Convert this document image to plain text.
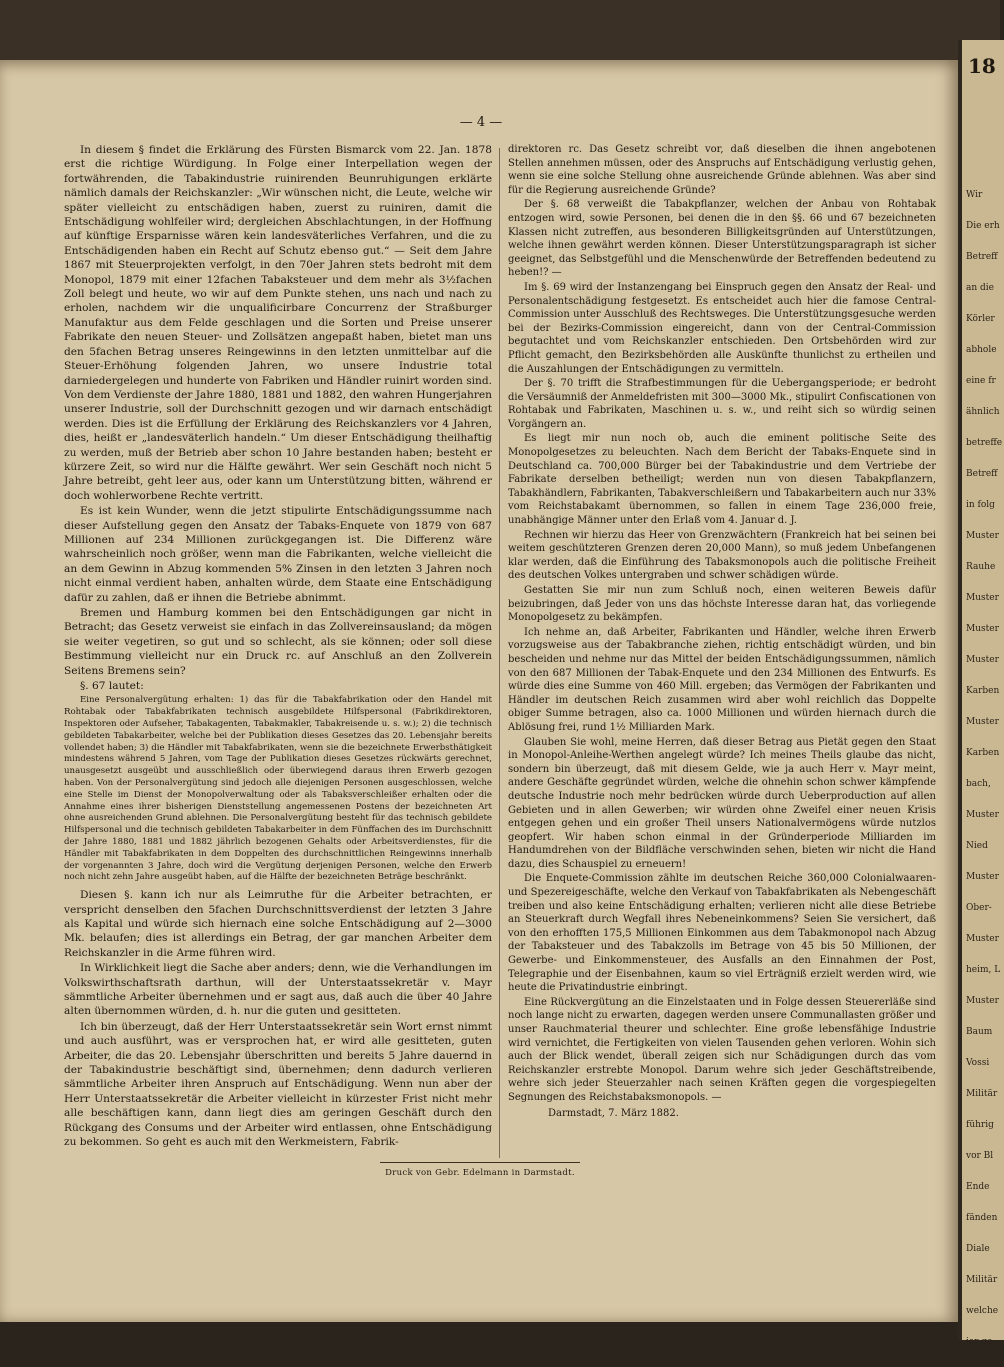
18
Wir
Die erh
Betreff
an die
Körler
abhole
eine fr
ähnlich
betreffe
Betreff
in folg
Muster
Rauhe
Muster
Muster
Muster
Karben
Muster
Karben
bach,
Muster
Nied
Muster
Ober-
Muster
heim, L
Muster
Baum
Vossi
Militär
führig
vor Bl
Ende
fänden
Diale
Militär
welche
jer ge
— 4 —

In diesem § findet die Erklärung des Fürsten Bismarck vom 22. Jan. 1878 erst die richtige Würdigung. In Folge einer Interpellation wegen der fortwährenden, die Tabakindustrie ruinirenden Beunruhigungen erklärte nämlich damals der Reichskanzler: „Wir wünschen nicht, die Leute, welche wir später vielleicht zu entschädigen haben, zuerst zu ruiniren, damit die Entschädigung wohlfeiler wird; dergleichen Abschlachtungen, in der Hoffnung auf künftige Ersparnisse wären kein landesväterliches Verfahren, und die zu Entschädigenden haben ein Recht auf Schutz ebenso gut.“ — Seit dem Jahre 1867 mit Steuerprojekten verfolgt, in den 70er Jahren stets bedroht mit dem Monopol, 1879 mit einer 12fachen Tabaksteuer und dem mehr als 3½fachen Zoll belegt und heute, wo wir auf dem Punkte stehen, uns nach und nach zu erholen, nachdem wir die unqualificirbare Concurrenz der Straßburger Manufaktur aus dem Felde geschlagen und die Sorten und Preise unserer Fabrikate den neuen Steuer- und Zollsätzen angepaßt haben, bietet man uns den 5fachen Betrag unseres Reingewinns in den letzten unmittelbar auf die Steuer-Erhöhung folgenden Jahren, wo unsere Industrie total darniedergelegen und hunderte von Fabriken und Händler ruinirt worden sind. Von dem Verdienste der Jahre 1880, 1881 und 1882, den wahren Hungerjahren unserer Industrie, soll der Durchschnitt gezogen und wir darnach entschädigt werden. Dies ist die Erfüllung der Erklärung des Reichskanzlers vor 4 Jahren, dies, heißt er „landesväterlich handeln.“ Um dieser Entschädigung theilhaftig zu werden, muß der Betrieb aber schon 10 Jahre bestanden haben; besteht er kürzere Zeit, so wird nur die Hälfte gewährt. Wer sein Geschäft noch nicht 5 Jahre betreibt, geht leer aus, oder kann um Unterstützung bitten, während er doch wohlerworbene Rechte vertritt.

Es ist kein Wunder, wenn die jetzt stipulirte Entschädigungssumme nach dieser Aufstellung gegen den Ansatz der Tabaks-Enquete von 1879 von 687 Millionen auf 234 Millionen zurückgegangen ist. Die Differenz wäre wahrscheinlich noch größer, wenn man die Fabrikanten, welche vielleicht die an dem Gewinn in Abzug kommenden 5% Zinsen in den letzten 3 Jahren noch nicht einmal verdient haben, anhalten würde, dem Staate eine Entschädigung dafür zu zahlen, daß er ihnen die Betriebe abnimmt.

Bremen und Hamburg kommen bei den Entschädigungen gar nicht in Betracht; das Gesetz verweist sie einfach in das Zollvereinsausland; da mögen sie weiter vegetiren, so gut und so schlecht, als sie können; oder soll diese Bestimmung vielleicht nur ein Druck rc. auf Anschluß an den Zollverein Seitens Bremens sein?

§. 67 lautet:

Eine Personalvergütung erhalten: 1) das für die Tabakfabrikation oder den Handel mit Rohtabak oder Tabakfabrikaten technisch ausgebildete Hilfspersonal (Fabrikdirektoren, Inspektoren oder Aufseher, Tabakagenten, Tabakmakler, Tabakreisende u. s. w.); 2) die technisch gebildeten Tabakarbeiter, welche bei der Publikation dieses Gesetzes das 20. Lebensjahr bereits vollendet haben; 3) die Händler mit Tabakfabrikaten, wenn sie die bezeichnete Erwerbsthätigkeit mindestens während 5 Jahren, vom Tage der Publikation dieses Gesetzes rückwärts gerechnet, unausgesetzt ausgeübt und ausschließlich oder überwiegend daraus ihren Erwerb gezogen haben. Von der Personalvergütung sind jedoch alle diejenigen Personen ausgeschlossen, welche eine Stelle im Dienst der Monopolverwaltung oder als Tabaksverschleißer erhalten oder die Annahme eines ihrer bisherigen Dienststellung angemessenen Postens der bezeichneten Art ohne ausreichenden Grund ablehnen. Die Personalvergütung besteht für das technisch gebildete Hilfspersonal und die technisch gebildeten Tabakarbeiter in dem Fünffachen des im Durchschnitt der Jahre 1880, 1881 und 1882 jährlich bezogenen Gehalts oder Arbeitsverdienstes, für die Händler mit Tabakfabrikaten in dem Doppelten des durchschnittlichen Reingewinns innerhalb der vorgenannten 3 Jahre, doch wird die Vergütung derjenigen Personen, welche den Erwerb noch nicht zehn Jahre ausgeübt haben, auf die Hälfte der bezeichneten Beträge beschränkt.

Diesen §. kann ich nur als Leimruthe für die Arbeiter betrachten, er verspricht denselben den 5fachen Durchschnittsverdienst der letzten 3 Jahre als Kapital und würde sich hiernach eine solche Entschädigung auf 2—3000 Mk. belaufen; dies ist allerdings ein Betrag, der gar manchen Arbeiter dem Reichskanzler in die Arme führen wird.

In Wirklichkeit liegt die Sache aber anders; denn, wie die Verhandlungen im Volkswirthschaftsrath darthun, will der Unterstaatssekretär v. Mayr sämmtliche Arbeiter übernehmen und er sagt aus, daß auch die über 40 Jahre alten übernommen würden, d. h. nur die guten und gesitteten.

Ich bin überzeugt, daß der Herr Unterstaatssekretär sein Wort ernst nimmt und auch ausführt, was er versprochen hat, er wird alle gesitteten, guten Arbeiter, die das 20. Lebensjahr überschritten und bereits 5 Jahre dauernd in der Tabakindustrie beschäftigt sind, übernehmen; denn dadurch verlieren sämmtliche Arbeiter ihren Anspruch auf Entschädigung. Wenn nun aber der Herr Unterstaatssekretär die Arbeiter vielleicht in kürzester Frist nicht mehr alle beschäftigen kann, dann liegt dies am geringen Geschäft durch den Rückgang des Consums und der Arbeiter wird entlassen, ohne Entschädigung zu bekommen. So geht es auch mit den Werkmeistern, Fabrik-

direktoren rc. Das Gesetz schreibt vor, daß dieselben die ihnen angebotenen Stellen annehmen müssen, oder des Anspruchs auf Entschädigung verlustig gehen, wenn sie eine solche Stellung ohne ausreichende Gründe ablehnen. Was aber sind für die Regierung ausreichende Gründe?

Der §. 68 verweißt die Tabakpflanzer, welchen der Anbau von Rohtabak entzogen wird, sowie Personen, bei denen die in den §§. 66 und 67 bezeichneten Klassen nicht zutreffen, aus besonderen Billigkeitsgründen auf Unterstützungen, welche ihnen gewährt werden können. Dieser Unterstützungsparagraph ist sicher geeignet, das Selbstgefühl und die Menschenwürde der Betreffenden bedeutend zu heben!? —

Im §. 69 wird der Instanzengang bei Einspruch gegen den Ansatz der Real- und Personalentschädigung festgesetzt. Es entscheidet auch hier die famose Central-Commission unter Ausschluß des Rechtsweges. Die Unterstützungsgesuche werden bei der Bezirks-Commission eingereicht, dann von der Central-Commission begutachtet und vom Reichskanzler entschieden. Den Ortsbehörden wird zur Pflicht gemacht, den Bezirksbehörden alle Auskünfte thunlichst zu ertheilen und die Auszahlungen der Entschädigungen zu vermitteln.

Der §. 70 trifft die Strafbestimmungen für die Uebergangsperiode; er bedroht die Versäumniß der Anmeldefristen mit 300—3000 Mk., stipulirt Confiscationen von Rohtabak und Fabrikaten, Maschinen u. s. w., und reiht sich so würdig seinen Vorgängern an.

Es liegt mir nun noch ob, auch die eminent politische Seite des Monopolgesetzes zu beleuchten. Nach dem Bericht der Tabaks-Enquete sind in Deutschland ca. 700,000 Bürger bei der Tabakindustrie und dem Vertriebe der Fabrikate derselben betheiligt; werden nun von diesen Tabakpflanzern, Tabakhändlern, Fabrikanten, Tabakverschleißern und Tabakarbeitern auch nur 33% vom Reichstabakamt übernommen, so fallen in einem Tage 236,000 freie, unabhängige Männer unter den Erlaß vom 4. Januar d. J.

Rechnen wir hierzu das Heer von Grenzwächtern (Frankreich hat bei seinen bei weitem geschützteren Grenzen deren 20,000 Mann), so muß jedem Unbefangenen klar werden, daß die Einführung des Tabaksmonopols auch die politische Freiheit des deutschen Volkes untergraben und schwer schädigen würde.

Gestatten Sie mir nun zum Schluß noch, einen weiteren Beweis dafür beizubringen, daß Jeder von uns das höchste Interesse daran hat, das vorliegende Monopolgesetz zu bekämpfen.

Ich nehme an, daß Arbeiter, Fabrikanten und Händler, welche ihren Erwerb vorzugsweise aus der Tabakbranche ziehen, richtig entschädigt würden, und bin bescheiden und nehme nur das Mittel der beiden Entschädigungssummen, nämlich von den 687 Millionen der Tabak-Enquete und den 234 Millionen des Entwurfs. Es würde dies eine Summe von 460 Mill. ergeben; das Vermögen der Fabrikanten und Händler im deutschen Reich zusammen wird aber wohl reichlich das Doppelte obiger Summe betragen, also ca. 1000 Millionen und würden hiernach durch die Ablösung frei, rund 1½ Milliarden Mark.

Glauben Sie wohl, meine Herren, daß dieser Betrag aus Pietät gegen den Staat in Monopol-Anleihe-Werthen angelegt würde? Ich meines Theils glaube das nicht, sondern bin überzeugt, daß mit diesem Gelde, wie ja auch Herr v. Mayr meint, andere Geschäfte gegründet würden, welche die ohnehin schon schwer kämpfende deutsche Industrie noch mehr bedrücken würde durch Ueberproduction auf allen Gebieten und in allen Gewerben; wir würden ohne Zweifel einer neuen Krisis entgegen gehen und ein großer Theil unsers Nationalvermögens würde nutzlos geopfert. Wir haben schon einmal in der Gründerperiode Milliarden im Handumdrehen von der Bildfläche verschwinden sehen, bieten wir nicht die Hand dazu, dies Schauspiel zu erneuern!

Die Enquete-Commission zählte im deutschen Reiche 360,000 Colonialwaaren- und Spezereigeschäfte, welche den Verkauf von Tabakfabrikaten als Nebengeschäft treiben und also keine Entschädigung erhalten; verlieren nicht alle diese Betriebe an Steuerkraft durch Wegfall ihres Nebeneinkommens? Seien Sie versichert, daß von den erhofften 175,5 Millionen Einkommen aus dem Tabakmonopol nach Abzug der Tabaksteuer und des Tabakzolls im Betrage von 45 bis 50 Millionen, der Gewerbe- und Einkommensteuer, des Ausfalls an den Einnahmen der Post, Telegraphie und der Eisenbahnen, kaum so viel Erträgniß erzielt werden wird, wie heute die Privatindustrie einbringt.

Eine Rückvergütung an die Einzelstaaten und in Folge dessen Steuererläße sind noch lange nicht zu erwarten, dagegen werden unsere Communallasten größer und unser Rauchmaterial theurer und schlechter. Eine große lebensfähige Industrie wird vernichtet, die Fertigkeiten von vielen Tausenden gehen verloren. Wohin sich auch der Blick wendet, überall zeigen sich nur Schädigungen durch das vom Reichskanzler erstrebte Monopol. Darum wehre sich jeder Geschäftstreibende, wehre sich jeder Steuerzahler nach seinen Kräften gegen die vorgespiegelten Segnungen des Reichstabaksmonopols. —

Darmstadt, 7. März 1882.

Druck von Gebr. Edelmann in Darmstadt.
